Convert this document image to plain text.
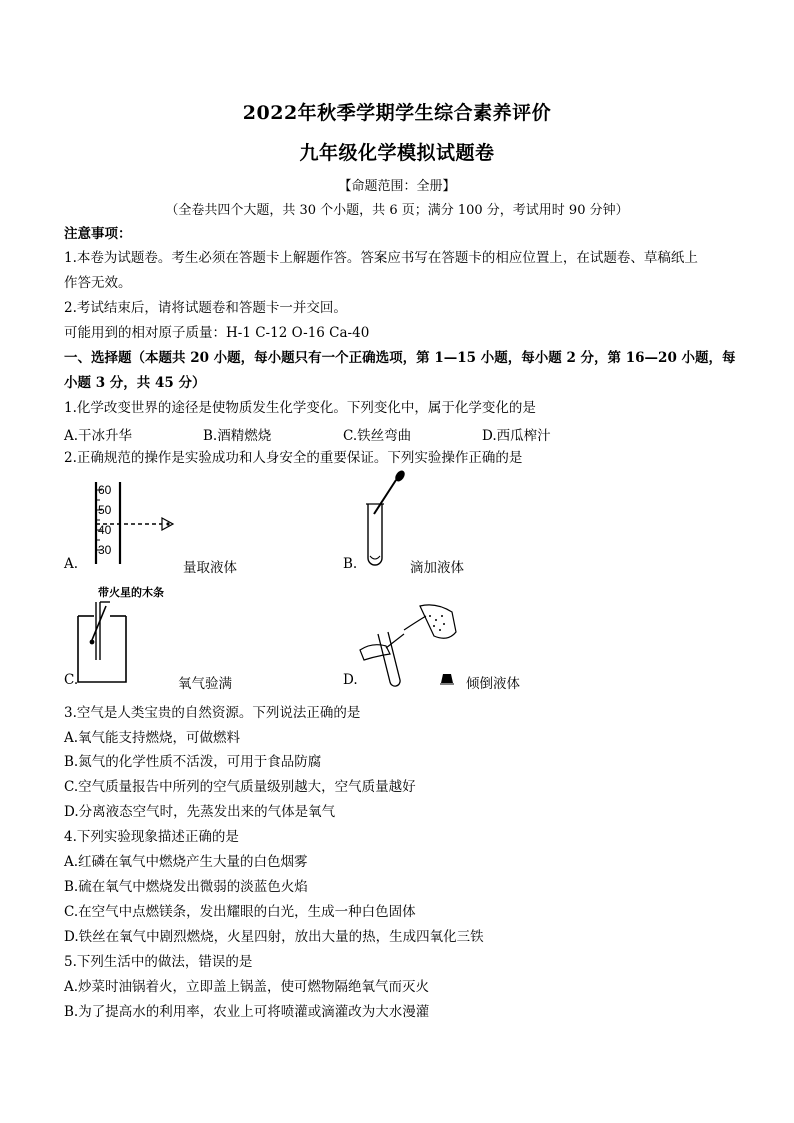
2022年秋季学期学生综合素养评价
九年级化学模拟试题卷
【命题范围：全册】
（全卷共四个大题，共 30 个小题，共 6 页；满分 100 分，考试用时 90 分钟）
注意事项：
1.本卷为试题卷。考生必须在答题卡上解题作答。答案应书写在答题卡的相应位置上，在试题卷、草稿纸上
作答无效。
2.考试结束后，请将试题卷和答题卡一并交回。
可能用到的相对原子质量：H-1 C-12 O-16 Ca-40
一、选择题（本题共 20 小题，每小题只有一个正确选项，第 1—15 小题，每小题 2 分，第 16—20 小题，每
小题 3 分，共 45 分）
1.化学改变世界的途径是使物质发生化学变化。下列变化中，属于化学变化的是
A.干冰升华	B.酒精燃烧	C.铁丝弯曲	D.西瓜榨汁
2.正确规范的操作是实验成功和人身安全的重要保证。下列实验操作正确的是
60
50
40
30
A.	量取液体	B.	滴加液体
带火星的木条
C.	氧气验满	D.	倾倒液体
3.空气是人类宝贵的自然资源。下列说法正确的是
A.氧气能支持燃烧，可做燃料
B.氮气的化学性质不活泼，可用于食品防腐
C.空气质量报告中所列的空气质量级别越大，空气质量越好
D.分离液态空气时，先蒸发出来的气体是氧气
4.下列实验现象描述正确的是
A.红磷在氧气中燃烧产生大量的白色烟雾
B.硫在氧气中燃烧发出微弱的淡蓝色火焰
C.在空气中点燃镁条，发出耀眼的白光，生成一种白色固体
D.铁丝在氧气中剧烈燃烧，火星四射，放出大量的热，生成四氧化三铁
5.下列生活中的做法，错误的是
A.炒菜时油锅着火，立即盖上锅盖，使可燃物隔绝氧气而灭火
B.为了提高水的利用率，农业上可将喷灌或滴灌改为大水漫灌
